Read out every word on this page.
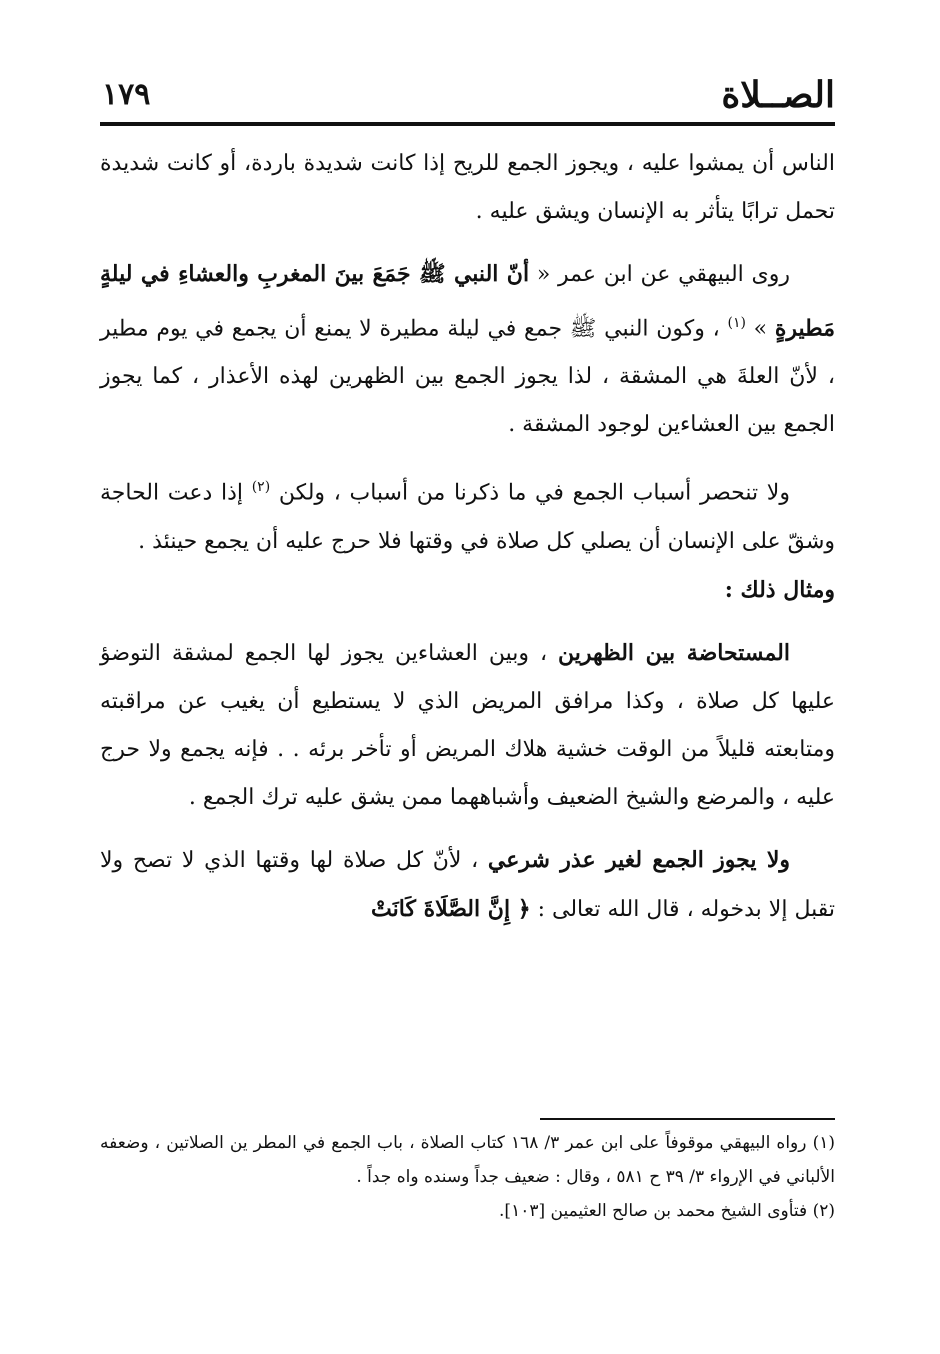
الصــلاة
١٧٩

الناس أن يمشوا عليه ، ويجوز الجمع للريح إذا كانت شديدة باردة، أو كانت شديدة تحمل ترابًا يتأثر به الإنسان ويشق عليه .

روى البيهقي عن ابن عمر « أنّ النبي ﷺ جَمَعَ بينَ المغربِ والعشاءِ في ليلةٍ مَطيرةٍ » $^{(١)}$ ، وكون النبي ﷺ جمع في ليلة مطيرة لا يمنع أن يجمع في يوم مطير ، لأنّ العلةَ هي المشقة ، لذا يجوز الجمع بين الظهرين لهذه الأعذار ، كما يجوز الجمع بين العشاءين لوجود المشقة .

ولا تنحصر أسباب الجمع في ما ذكرنا من أسباب ، ولكن $^{(٢)}$ إذا دعت الحاجة وشقّ على الإنسان أن يصلي كل صلاة في وقتها فلا حرج عليه أن يجمع حينئذ .

ومثال ذلك :

المستحاضة بين الظهرين ، وبين العشاءين يجوز لها الجمع لمشقة التوضؤ عليها كل صلاة ، وكذا مرافق المريض الذي لا يستطيع أن يغيب عن مراقبته ومتابعته قليلاً من الوقت خشية هلاك المريض أو تأخر برئه . . فإنه يجمع ولا حرج عليه ، والمرضع والشيخ الضعيف وأشباههما ممن يشق عليه ترك الجمع .

ولا يجوز الجمع لغير عذر شرعي ، لأنّ كل صلاة لها وقتها الذي لا تصح ولا تقبل إلا بدخوله ، قال الله تعالى : ﴿ إِنَّ الصَّلَاةَ كَانَتْ

(١) رواه البيهقي موقوفاً على ابن عمر ٣/ ١٦٨ كتاب الصلاة ، باب الجمع في المطر ين الصلاتين ، وضعفه الألباني في الإرواء ٣/ ٣٩ ح ٥٨١ ، وقال : ضعيف جداً وسنده واه جداً .

(٢) فتأوى الشيخ محمد بن صالح العثيمين [١٠٣].
